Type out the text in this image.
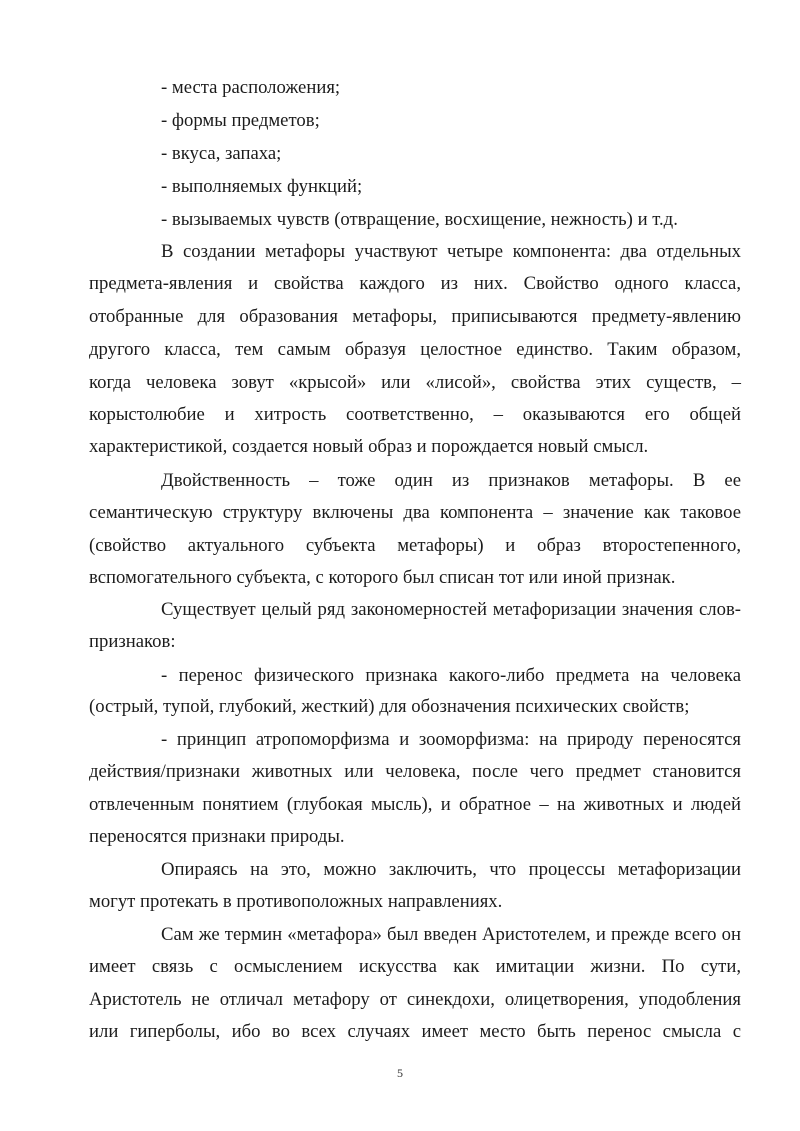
- места расположения;
- формы предметов;
- вкуса, запаха;
- выполняемых функций;
- вызываемых чувств (отвращение, восхищение, нежность) и т.д.
В создании метафоры участвуют четыре компонента: два отдельных
предмета-явления и свойства каждого из них. Свойство одного класса,
отобранные для образования метафоры, приписываются предмету-явлению
другого класса, тем самым образуя целостное единство. Таким образом,
когда человека зовут «крысой» или «лисой», свойства этих существ, –
корыстолюбие и хитрость соответственно, – оказываются его общей
характеристикой, создается новый образ и порождается новый смысл.
Двойственность – тоже один из признаков метафоры. В ее
семантическую структуру включены два компонента – значение как таковое
(свойство актуального субъекта метафоры) и образ второстепенного,
вспомогательного субъекта, с которого был списан тот или иной признак.
Существует целый ряд закономерностей метафоризации значения слов-
признаков:
- перенос физического признака какого-либо предмета на человека
(острый, тупой, глубокий, жесткий) для обозначения психических свойств;
- принцип атропоморфизма и зооморфизма: на природу переносятся
действия/признаки животных или человека, после чего предмет становится
отвлеченным понятием (глубокая мысль), и обратное – на животных и людей
переносятся признаки природы.
Опираясь на это, можно заключить, что процессы метафоризации
могут протекать в противоположных направлениях.
Сам же термин «метафора» был введен Аристотелем, и прежде всего он
имеет связь с осмыслением искусства как имитации жизни. По сути,
Аристотель не отличал метафору от синекдохи, олицетворения, уподобления
или гиперболы, ибо во всех случаях имеет место быть перенос смысла с
5
